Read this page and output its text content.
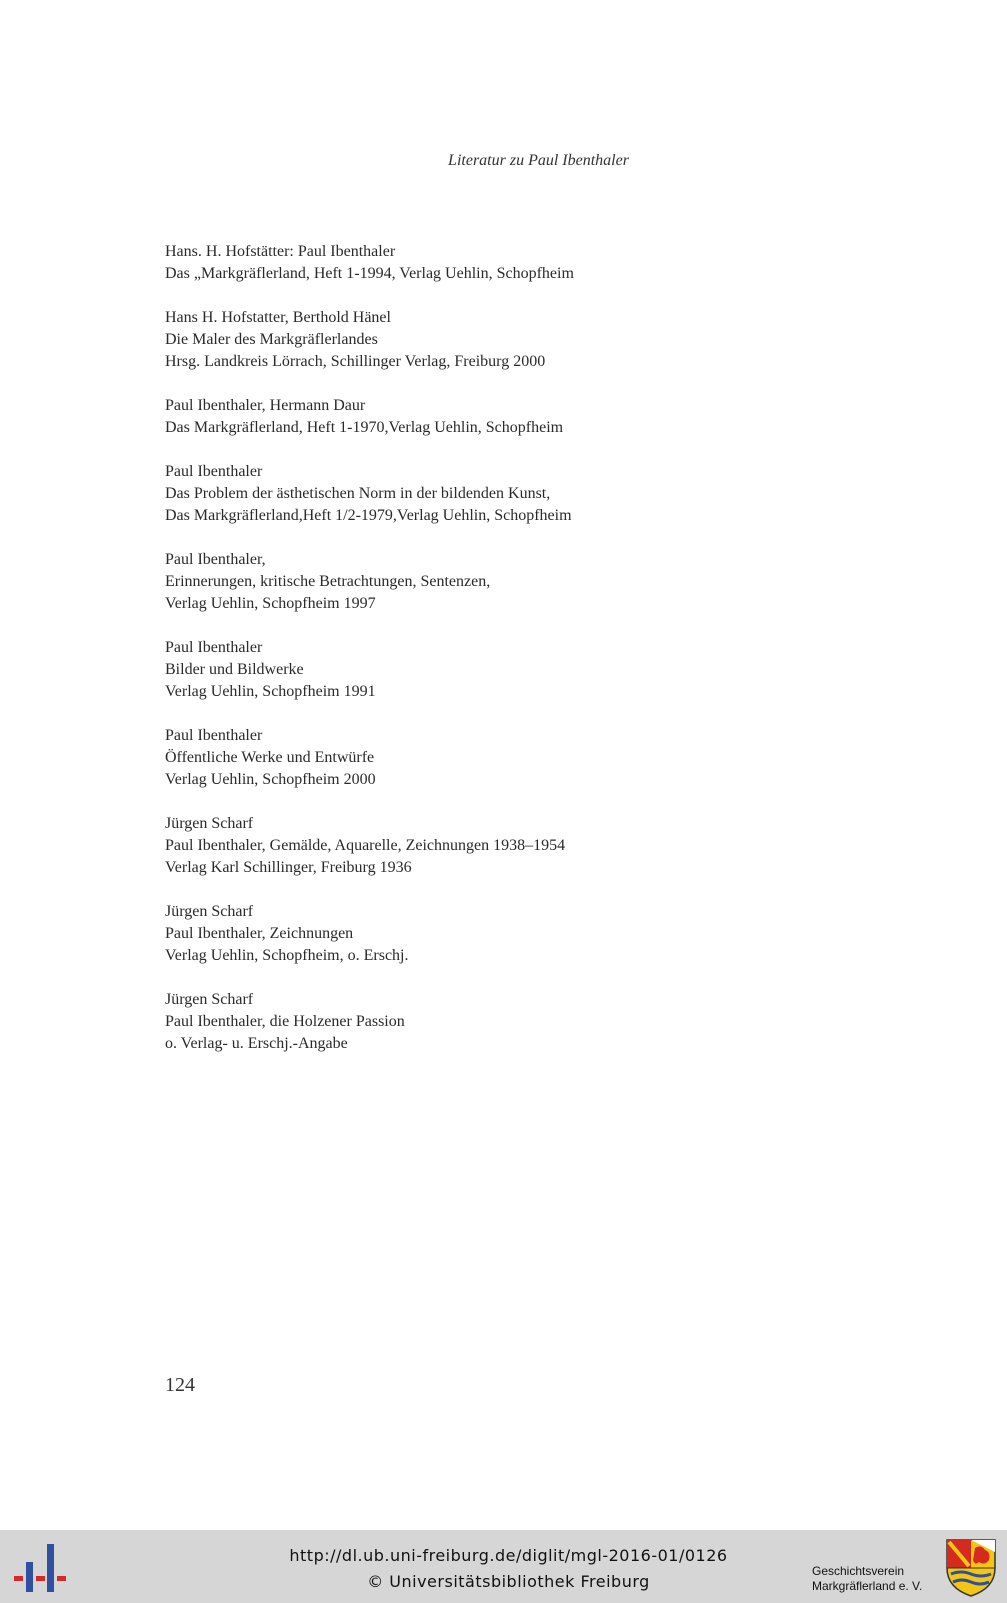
Literatur zu Paul Ibenthaler
Hans. H. Hofstätter: Paul Ibenthaler
Das „Markgräflerland, Heft 1-1994, Verlag Uehlin, Schopfheim
Hans H. Hofstatter, Berthold Hänel
Die Maler des Markgräflerlandes
Hrsg. Landkreis Lörrach, Schillinger Verlag, Freiburg 2000
Paul Ibenthaler, Hermann Daur
Das Markgräflerland, Heft 1-1970,Verlag Uehlin, Schopfheim
Paul Ibenthaler
Das Problem der ästhetischen Norm in der bildenden Kunst,
Das Markgräflerland,Heft 1/2-1979,Verlag Uehlin, Schopfheim
Paul Ibenthaler,
Erinnerungen, kritische Betrachtungen, Sentenzen,
Verlag Uehlin, Schopfheim 1997
Paul Ibenthaler
Bilder und Bildwerke
Verlag Uehlin, Schopfheim 1991
Paul Ibenthaler
Öffentliche Werke und Entwürfe
Verlag Uehlin, Schopfheim 2000
Jürgen Scharf
Paul Ibenthaler, Gemälde, Aquarelle, Zeichnungen 1938–1954
Verlag Karl Schillinger, Freiburg 1936
Jürgen Scharf
Paul Ibenthaler, Zeichnungen
Verlag Uehlin, Schopfheim, o. Erschj.
Jürgen Scharf
Paul Ibenthaler, die Holzener Passion
o. Verlag- u. Erschj.-Angabe
124
http://dl.ub.uni-freiburg.de/diglit/mgl-2016-01/0126
© Universitätsbibliothek Freiburg
Geschichtsverein
Markgräflerland e. V.
